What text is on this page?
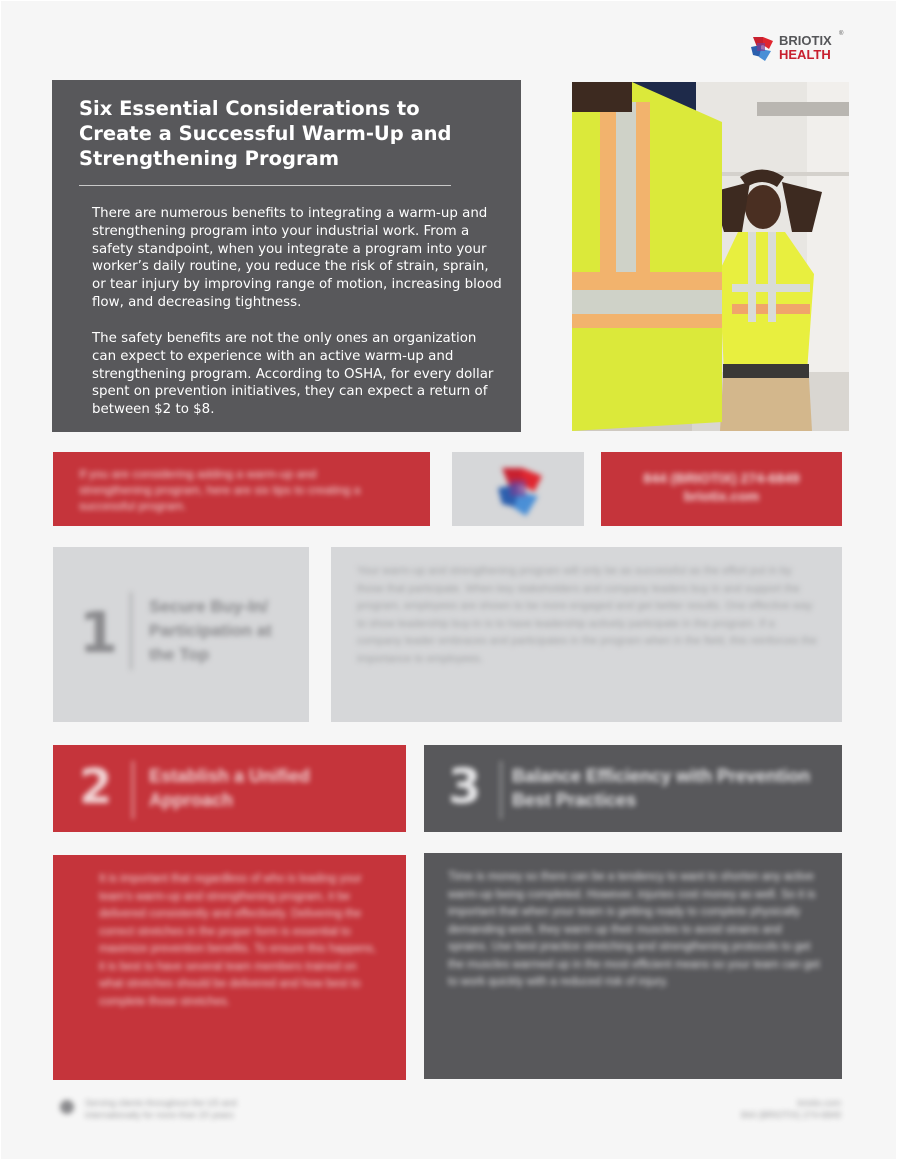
BRIOTIX
HEALTH
®
Six Essential Considerations to Create a Successful Warm-Up and Strengthening Program

There are numerous benefits to integrating a warm-up and strengthening program into your industrial work. From a safety standpoint, when you integrate a program into your worker’s daily routine, you reduce the risk of strain, sprain, or tear injury by improving range of motion, increasing blood flow, and decreasing tightness.

The safety benefits are not the only ones an organization can expect to experience with an active warm-up and strengthening program. According to OSHA, for every dollar spent on prevention initiatives, they can expect a return of between $2 to $8.

If you are considering adding a warm-up and strengthening program, here are six tips to creating a successful program.
844 (BRIOTIX) 274-6849
briotix.com
1 Secure Buy-In/ Participation at the Top
Your warm-up and strengthening program will only be as successful as the effort put in by those that participate. When key stakeholders and company leaders buy in and support the program, employees are shown to be more engaged and get better results. One effective way to show leadership buy-in is to have leadership actively participate in the program. If a company leader embraces and participates in the program when in the field, this reinforces the importance to employees.
2 Establish a Unified Approach
It is important that regardless of who is leading your team’s warm-up and strengthening program, it be delivered consistently and effectively. Delivering the correct stretches in the proper form is essential to maximize prevention benefits. To ensure this happens, it is best to have several team members trained on what stretches should be delivered and how best to complete those stretches.
3 Balance Efficiency with Prevention Best Practices
Time is money so there can be a tendency to want to shorten any active warm-up being completed. However, injuries cost money as well. So it is important that when your team is getting ready to complete physically demanding work, they warm up their muscles to avoid strains and sprains. Use best practice stretching and strengthening protocols to get the muscles warmed up in the most efficient means so your team can get to work quickly with a reduced risk of injury.
Serving clients throughout the US and
internationally for more than 20 years
briotix.com
844 (BRIOTIX) 274-6849
